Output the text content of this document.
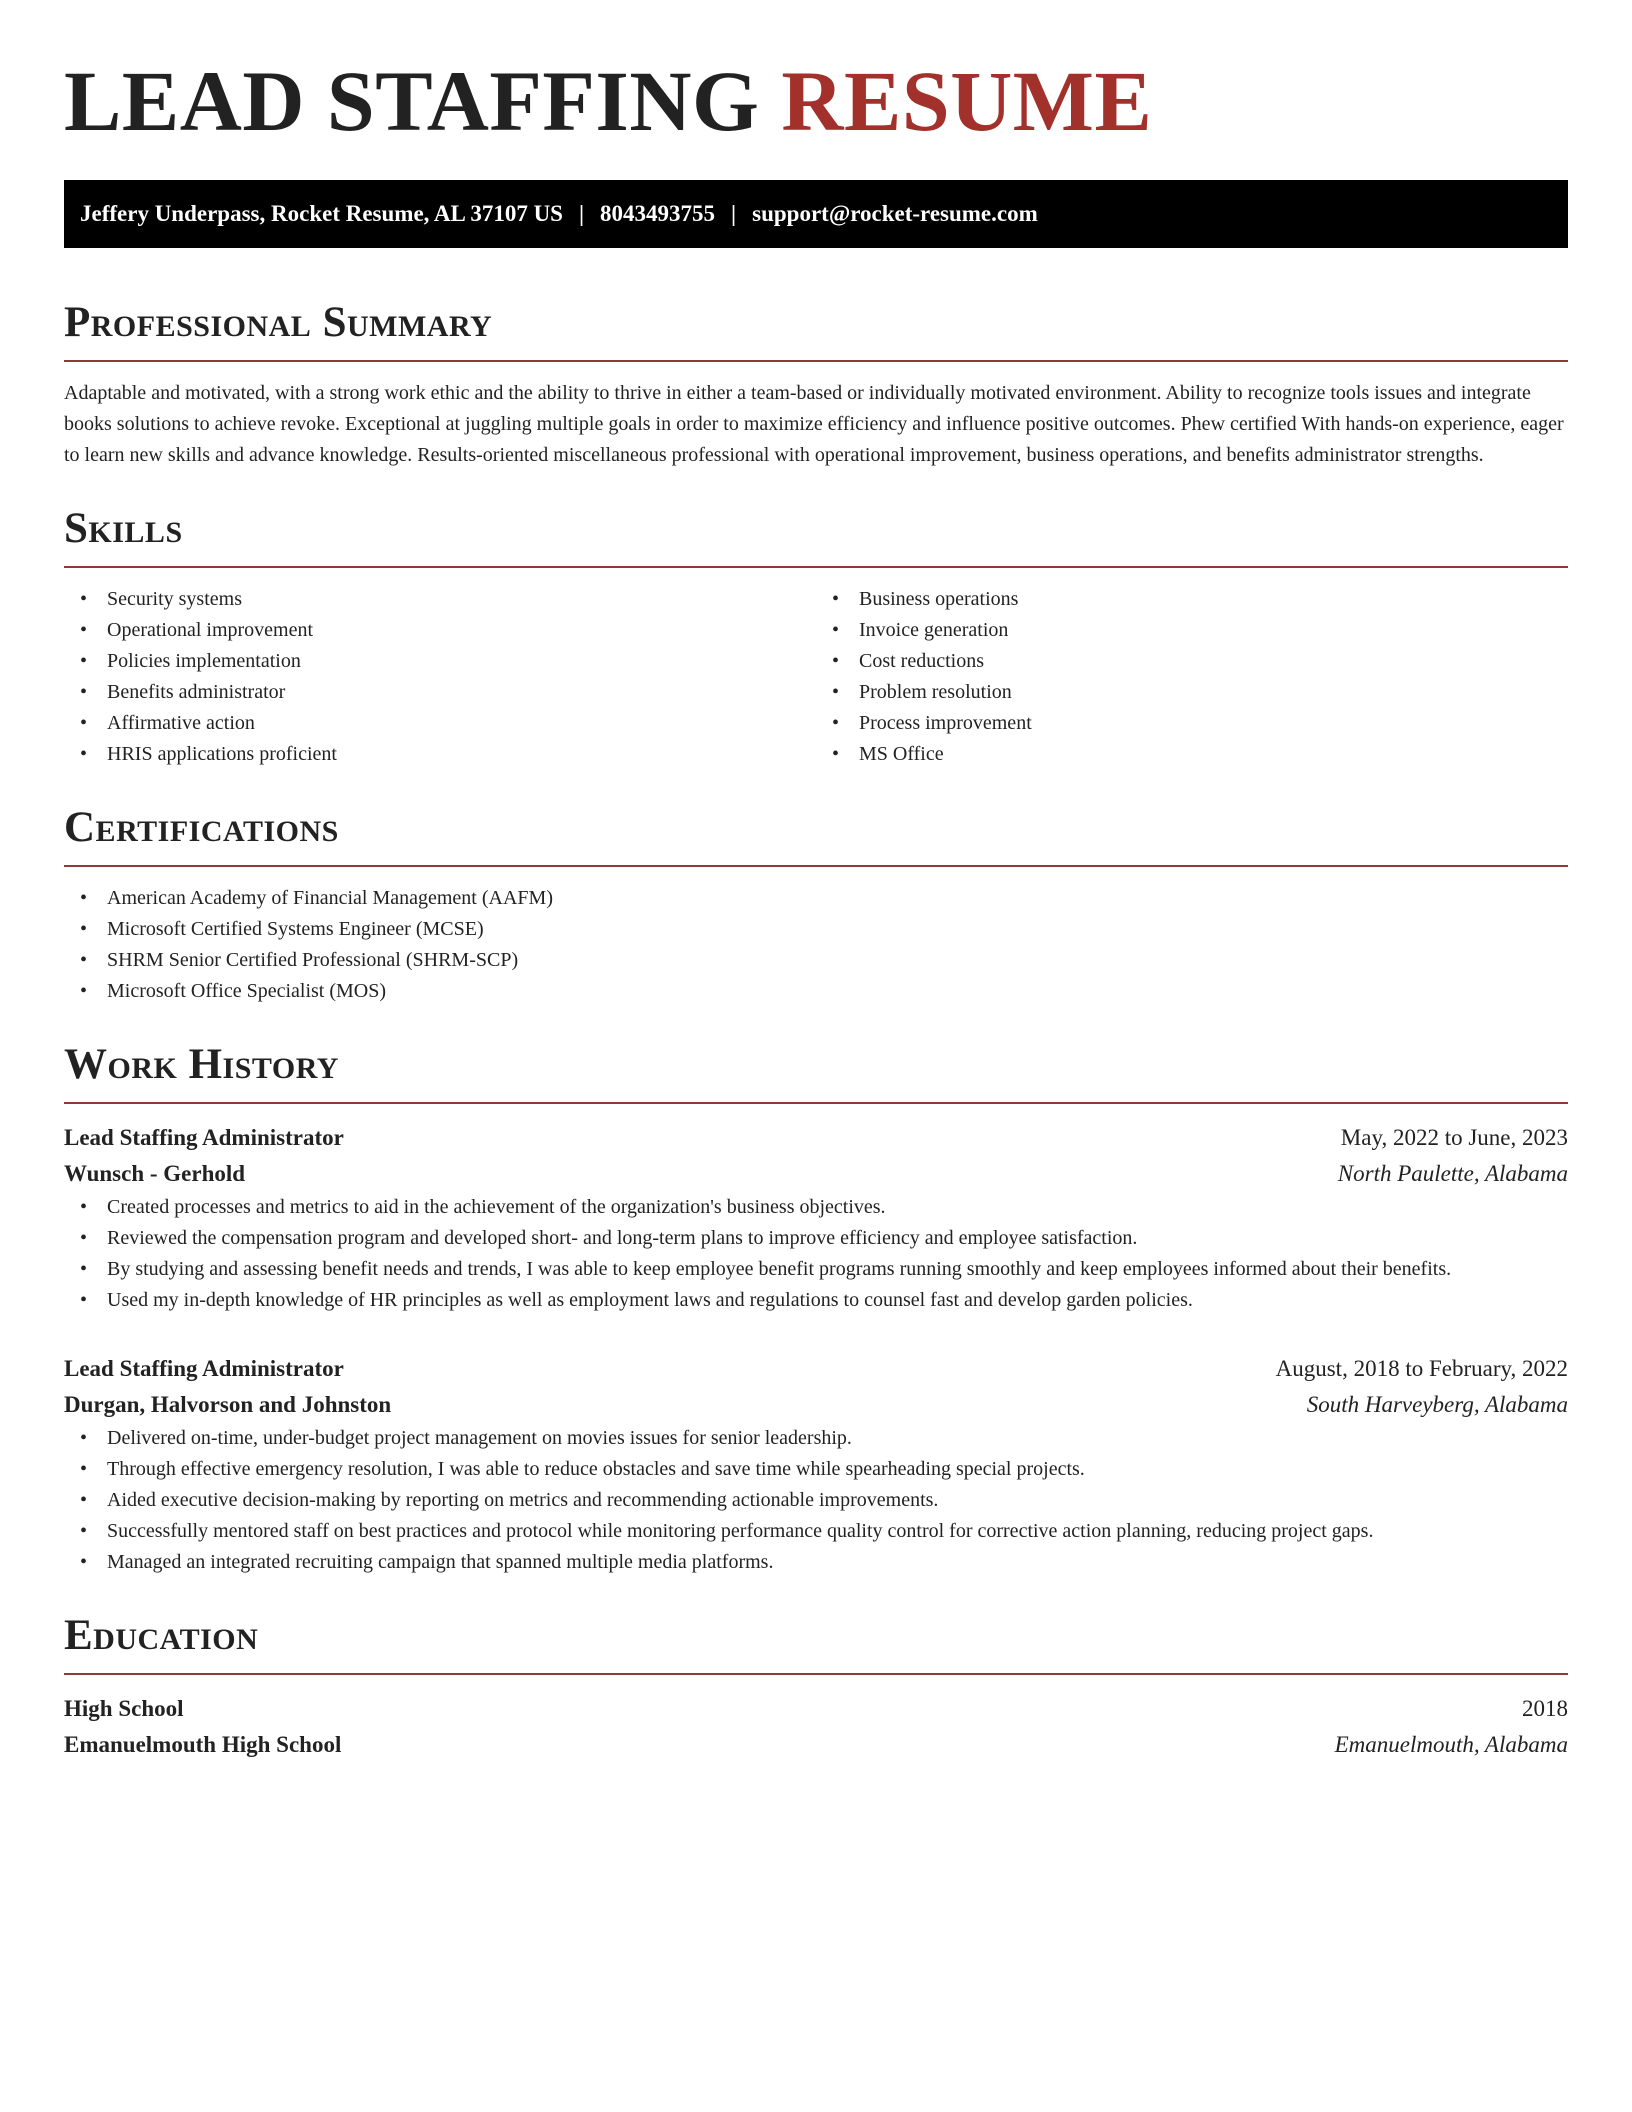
LEAD STAFFING RESUME
Jeffery Underpass, Rocket Resume, AL 37107 US | 8043493755 | support@rocket-resume.com
Professional Summary

Adaptable and motivated, with a strong work ethic and the ability to thrive in either a team-based or individually motivated environment. Ability to recognize tools issues and integrate books solutions to achieve revoke. Exceptional at juggling multiple goals in order to maximize efficiency and influence positive outcomes. Phew certified With hands-on experience, eager to learn new skills and advance knowledge. Results-oriented miscellaneous professional with operational improvement, business operations, and benefits administrator strengths.

Skills
• Security systems
• Operational improvement
• Policies implementation
• Benefits administrator
• Affirmative action
• HRIS applications proficient
• Business operations
• Invoice generation
• Cost reductions
• Problem resolution
• Process improvement
• MS Office
Certifications
• American Academy of Financial Management (AAFM)
• Microsoft Certified Systems Engineer (MCSE)
• SHRM Senior Certified Professional (SHRM-SCP)
• Microsoft Office Specialist (MOS)
Work History
Lead Staffing Administrator	May, 2022 to June, 2023
Wunsch - Gerhold	North Paulette, Alabama
• Created processes and metrics to aid in the achievement of the organization's business objectives.
• Reviewed the compensation program and developed short- and long-term plans to improve efficiency and employee satisfaction.
• By studying and assessing benefit needs and trends, I was able to keep employee benefit programs running smoothly and keep employees informed about their benefits.
• Used my in-depth knowledge of HR principles as well as employment laws and regulations to counsel fast and develop garden policies.
Lead Staffing Administrator	August, 2018 to February, 2022
Durgan, Halvorson and Johnston	South Harveyberg, Alabama
• Delivered on-time, under-budget project management on movies issues for senior leadership.
• Through effective emergency resolution, I was able to reduce obstacles and save time while spearheading special projects.
• Aided executive decision-making by reporting on metrics and recommending actionable improvements.
• Successfully mentored staff on best practices and protocol while monitoring performance quality control for corrective action planning, reducing project gaps.
• Managed an integrated recruiting campaign that spanned multiple media platforms.
Education
High School	2018
Emanuelmouth High School	Emanuelmouth, Alabama
